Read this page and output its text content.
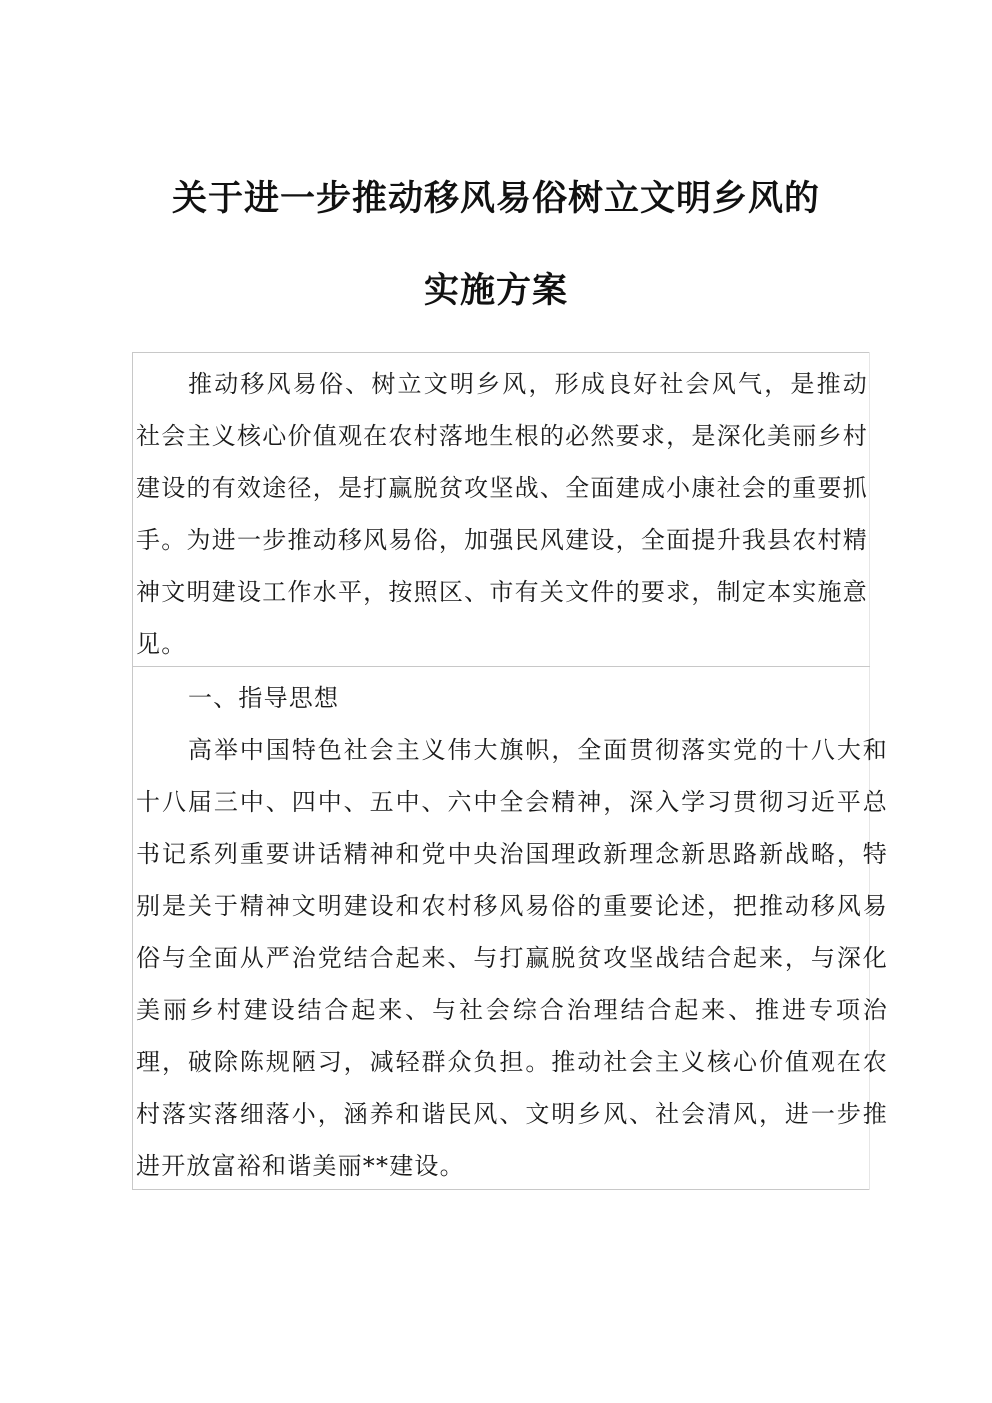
关于进一步推动移风易俗树立文明乡风的
实施方案

推动移风易俗、树立文明乡风，形成良好社会风气，是推动社会主义核心价值观在农村落地生根的必然要求，是深化美丽乡村建设的有效途径，是打赢脱贫攻坚战、全面建成小康社会的重要抓手。为进一步推动移风易俗，加强民风建设，全面提升我县农村精神文明建设工作水平，按照区、市有关文件的要求，制定本实施意见。

一、指导思想

高举中国特色社会主义伟大旗帜，全面贯彻落实党的十八大和十八届三中、四中、五中、六中全会精神，深入学习贯彻习近平总书记系列重要讲话精神和党中央治国理政新理念新思路新战略，特别是关于精神文明建设和农村移风易俗的重要论述，把推动移风易俗与全面从严治党结合起来、与打赢脱贫攻坚战结合起来，与深化美丽乡村建设结合起来、与社会综合治理结合起来、推进专项治理，破除陈规陋习，减轻群众负担。推动社会主义核心价值观在农村落实落细落小，涵养和谐民风、文明乡风、社会清风，进一步推进开放富裕和谐美丽**建设。
